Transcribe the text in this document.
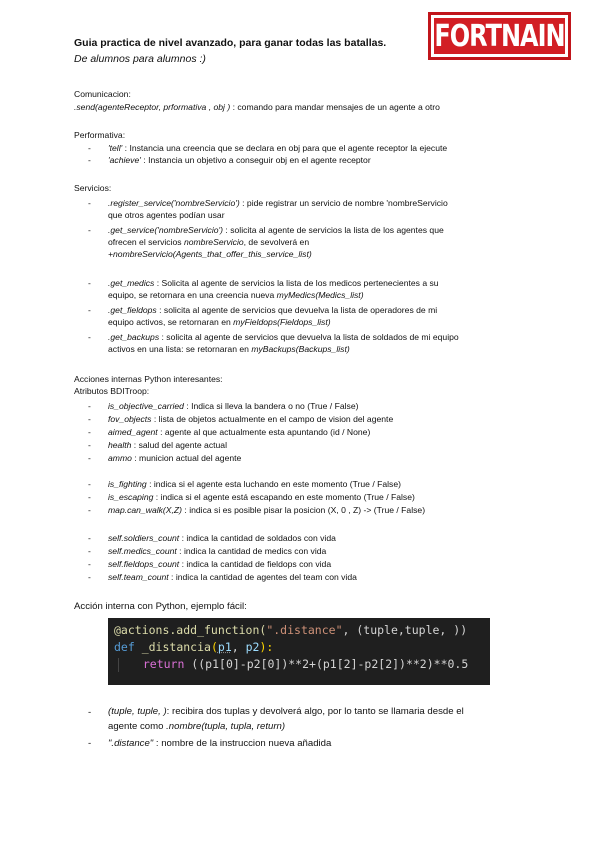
FORTNAIN
Guia practica de nivel avanzado, para ganar todas las batallas.
De alumnos para alumnos :)
Comunicacion:
.send(agenteReceptor, prformativa , obj ) : comando para mandar mensajes de un agente a otro
Performativa:
- 'tell' : Instancia una creencia que se declara en obj para que el agente receptor la ejecute
- 'achieve' : Instancia un objetivo a conseguir obj en el agente receptor
Servicios:
- .register_service('nombreServicio') : pide registrar un servicio de nombre 'nombreServicio
que otros agentes podían usar
- .get_service('nombreServicio') : solicita al agente de servicios la lista de los agentes que
ofrecen el servicios nombreServicio, de sevolverá en
+nombreServicio(Agents_that_offer_this_service_list)
- .get_medics : Solicita al agente de servicios la lista de los medicos pertenecientes a su
equipo, se retornara en una creencia nueva myMedics(Medics_list)
- .get_fieldops : solicita al agente de servicios que devuelva la lista de operadores de mi
equipo activos, se retornaran en myFieldops(Fieldops_list)
- .get_backups : solicita al agente de servicios que devuelva la lista de soldados de mi equipo
activos en una lista: se retornaran en myBackups(Backups_list)
Acciones internas Python interesantes:
Atributos BDITroop:
- is_objective_carried : Indica si lleva la bandera o no (True / False)
- fov_objects : lista de objetos actualmente en el campo de vision del agente
- aimed_agent : agente al que actualmente esta apuntando (id / None)
- health : salud del agente actual
- ammo : municion actual del agente
- is_fighting : indica si el agente esta luchando en este momento (True / False)
- is_escaping : indica si el agente está escapando en este momento (True / False)
- map.can_walk(X,Z) : indica si es posible pisar la posicion (X, 0 , Z) -> (True / False)
- self.soldiers_count : indica la cantidad de soldados con vida
- self.medics_count : indica la cantidad de medics con vida
- self.fieldops_count : indica la cantidad de fieldops con vida
- self.team_count : indica la cantidad de agentes del team con vida
Acción interna con Python, ejemplo fácil:
@actions.add_function(".distance", (tuple,tuple, ))
def _distancia(p1, p2):
return ((p1[0]-p2[0])**2+(p1[2]-p2[2])**2)**0.5
- (tuple, tuple, ): recibira dos tuplas y devolverá algo, por lo tanto se llamaria desde el
agente como .nombre(tupla, tupla, return)
- ".distance" : nombre de la instruccion nueva añadida
